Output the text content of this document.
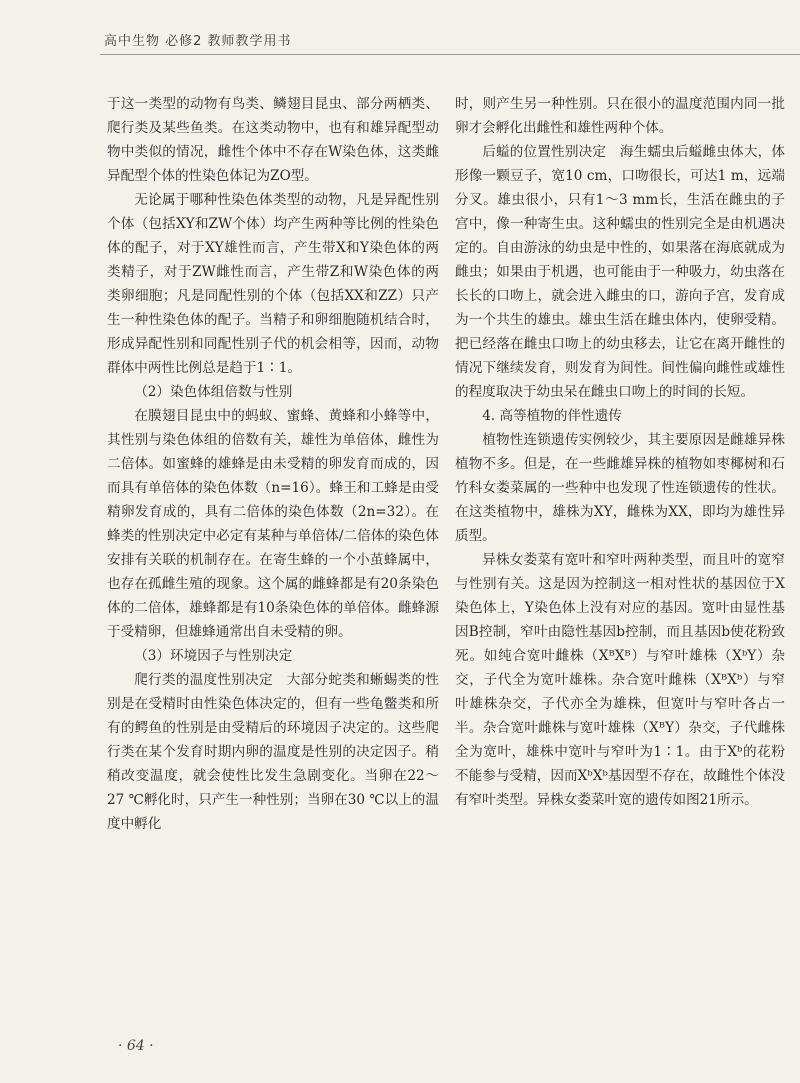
高中生物 必修2 教师教学用书

于这一类型的动物有鸟类、鳞翅目昆虫、部分两栖类、爬行类及某些鱼类。在这类动物中，也有和雄异配型动物中类似的情况，雌性个体中不存在W染色体，这类雌异配型个体的性染色体记为ZO型。

无论属于哪种性染色体类型的动物，凡是异配性别个体（包括XY和ZW个体）均产生两种等比例的性染色体的配子，对于XY雄性而言，产生带X和Y染色体的两类精子，对于ZW雌性而言，产生带Z和W染色体的两类卵细胞；凡是同配性别的个体（包括XX和ZZ）只产生一种性染色体的配子。当精子和卵细胞随机结合时，形成异配性别和同配性别子代的机会相等，因而，动物群体中两性比例总是趋于1∶1。

（2）染色体组倍数与性别

在膜翅目昆虫中的蚂蚁、蜜蜂、黄蜂和小蜂等中，其性别与染色体组的倍数有关，雄性为单倍体，雌性为二倍体。如蜜蜂的雄蜂是由未受精的卵发育而成的，因而具有单倍体的染色体数（n=16）。蜂王和工蜂是由受精卵发育成的，具有二倍体的染色体数（2n=32）。在蜂类的性别决定中必定有某种与单倍体/二倍体的染色体安排有关联的机制存在。在寄生蜂的一个小茧蜂属中，也存在孤雌生殖的现象。这个属的雌蜂都是有20条染色体的二倍体，雄蜂都是有10条染色体的单倍体。雌蜂源于受精卵，但雄蜂通常出自未受精的卵。

（3）环境因子与性别决定

爬行类的温度性别决定　大部分蛇类和蜥蜴类的性别是在受精时由性染色体决定的，但有一些龟鳖类和所有的鳄鱼的性别是由受精后的环境因子决定的。这些爬行类在某个发育时期内卵的温度是性别的决定因子。稍稍改变温度，就会使性比发生急剧变化。当卵在22～27 ℃孵化时，只产生一种性别；当卵在30 ℃以上的温度中孵化

时，则产生另一种性别。只在很小的温度范围内同一批卵才会孵化出雌性和雄性两种个体。

后螠的位置性别决定　海生蠕虫后螠雌虫体大，体形像一颗豆子，宽10 cm，口吻很长，可达1 m，远端分叉。雄虫很小，只有1～3 mm长，生活在雌虫的子宫中，像一种寄生虫。这种蠕虫的性别完全是由机遇决定的。自由游泳的幼虫是中性的，如果落在海底就成为雌虫；如果由于机遇，也可能由于一种吸力，幼虫落在长长的口吻上，就会进入雌虫的口，游向子宫，发育成为一个共生的雄虫。雄虫生活在雌虫体内，使卵受精。把已经落在雌虫口吻上的幼虫移去，让它在离开雌性的情况下继续发育，则发育为间性。间性偏向雌性或雄性的程度取决于幼虫呆在雌虫口吻上的时间的长短。

4. 高等植物的伴性遗传

植物性连锁遗传实例较少，其主要原因是雌雄异株植物不多。但是，在一些雌雄异株的植物如枣椰树和石竹科女娄菜属的一些种中也发现了性连锁遗传的性状。在这类植物中，雄株为XY，雌株为XX，即均为雄性异质型。

异株女娄菜有宽叶和窄叶两种类型，而且叶的宽窄与性别有关。这是因为控制这一相对性状的基因位于X染色体上，Y染色体上没有对应的基因。宽叶由显性基因B控制，窄叶由隐性基因b控制，而且基因b使花粉致死。如纯合宽叶雌株（XᴮXᴮ）与窄叶雄株（XᵇY）杂交，子代全为宽叶雄株。杂合宽叶雌株（XᴮXᵇ）与窄叶雄株杂交，子代亦全为雄株，但宽叶与窄叶各占一半。杂合宽叶雌株与宽叶雄株（XᴮY）杂交，子代雌株全为宽叶，雄株中宽叶与窄叶为1∶1。由于Xᵇ的花粉不能参与受精，因而XᵇXᵇ基因型不存在，故雌性个体没有窄叶类型。异株女娄菜叶宽的遗传如图21所示。

· 64 ·
